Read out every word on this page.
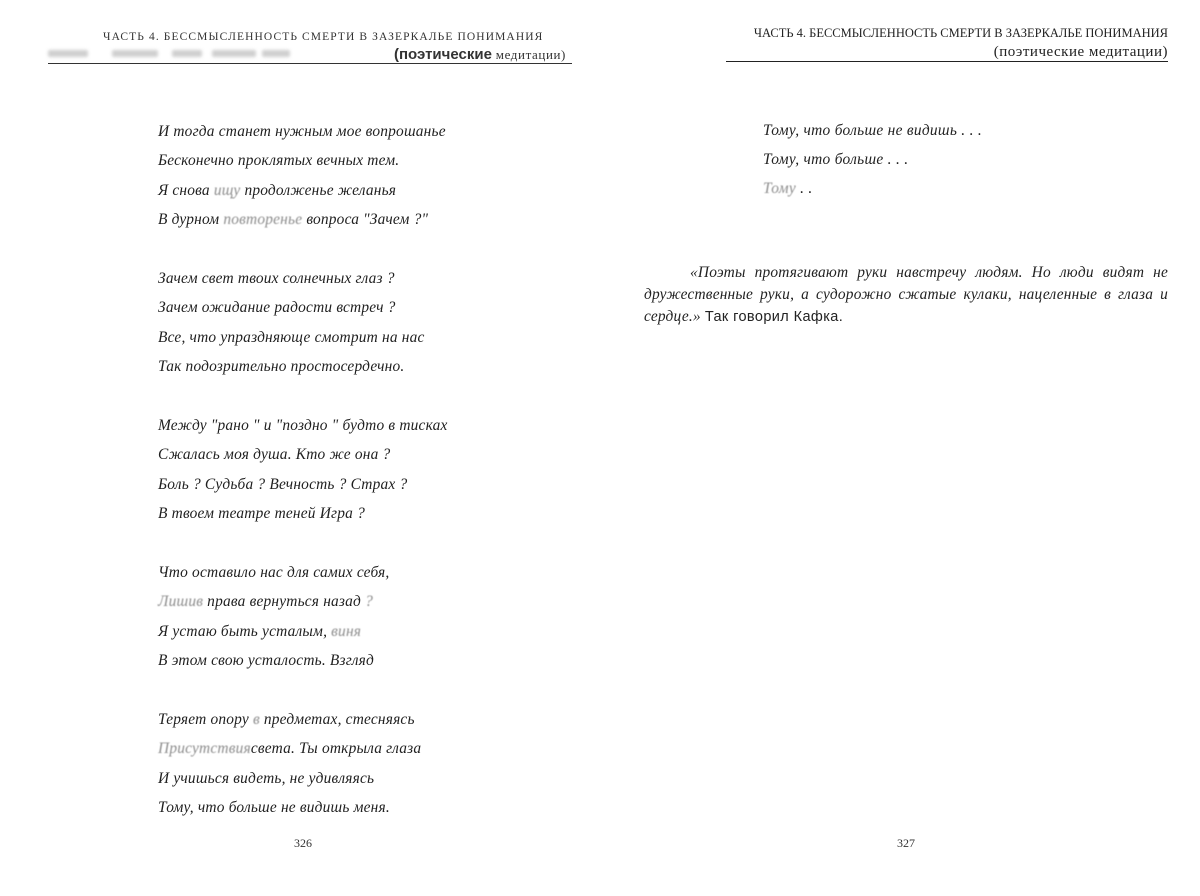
ЧАСТЬ 4. БЕССМЫСЛЕННОСТЬ СМЕРТИ В ЗАЗЕРКАЛЬЕ ПОНИМАНИЯ
(поэтические медитации)
И тогда станет нужным мое вопрошанье
Бесконечно проклятых вечных тем.
Я снова ищу продолженье желанья
В дурном повторенье вопроса "Зачем ?"
Зачем свет твоих солнечных глаз ?
Зачем ожидание радости встреч ?
Все, что упраздняюще смотрит на нас
Так подозрительно простосердечно.
Между "рано " и "поздно " будто в тисках
Сжалась моя душа. Кто же она ?
Боль ? Судьба ? Вечность ? Страх ?
В твоем театре теней Игра ?
Что оставило нас для самих себя,
Лишив права вернуться назад ?
Я устаю быть усталым, виня
В этом свою усталость. Взгляд
Теряет опору в предметах, стесняясь
Присутствиясвета. Ты открыла глаза
И учишься видеть, не удивляясь
Тому, что больше не видишь меня.
326
ЧАСТЬ 4. БЕССМЫСЛЕННОСТЬ СМЕРТИ В ЗАЗЕРКАЛЬЕ ПОНИМАНИЯ
(поэтические медитации)
Тому, что больше не видишь . . .
Тому, что больше . . .
Тому . .
«Поэты протягивают руки навстречу людям. Но люди видят не дружественные руки, а судорожно сжатые кулаки, нацеленные в глаза и сердце.» Так говорил Кафка.
327
